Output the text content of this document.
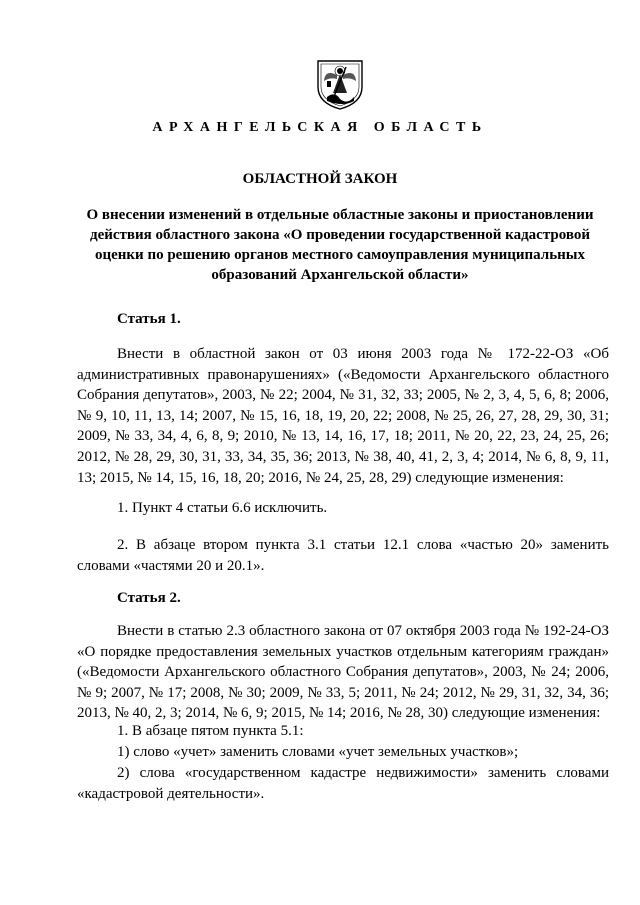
АРХАНГЕЛЬСКАЯ ОБЛАСТЬ
ОБЛАСТНОЙ ЗАКОН
О внесении изменений в отдельные областные законы и приостановлении
действия областного закона «О проведении государственной кадастровой
оценки по решению органов местного самоуправления муниципальных
образований Архангельской области»
Статья 1.
Внести в областной закон от 03 июня 2003 года № 172-22-ОЗ «Об административных правонарушениях» («Ведомости Архангельского областного Собрания депутатов», 2003, № 22; 2004, № 31, 32, 33; 2005, № 2, 3, 4, 5, 6, 8; 2006, № 9, 10, 11, 13, 14; 2007, № 15, 16, 18, 19, 20, 22; 2008, № 25, 26, 27, 28, 29, 30, 31; 2009, № 33, 34, 4, 6, 8, 9; 2010, № 13, 14, 16, 17, 18; 2011, № 20, 22, 23, 24, 25, 26; 2012, № 28, 29, 30, 31, 33, 34, 35, 36; 2013, № 38, 40, 41, 2, 3, 4; 2014, № 6, 8, 9, 11, 13; 2015, № 14, 15, 16, 18, 20; 2016, № 24, 25, 28, 29) следующие изменения:
1. Пункт 4 статьи 6.6 исключить.
2. В абзаце втором пункта 3.1 статьи 12.1 слова «частью 20» заменить словами «частями 20 и 20.1».
Статья 2.
Внести в статью 2.3 областного закона от 07 октября 2003 года № 192-24-ОЗ «О порядке предоставления земельных участков отдельным категориям граждан» («Ведомости Архангельского областного Собрания депутатов», 2003, № 24; 2006, № 9; 2007, № 17; 2008, № 30; 2009, № 33, 5; 2011, № 24; 2012, № 29, 31, 32, 34, 36; 2013, № 40, 2, 3; 2014, № 6, 9; 2015, № 14; 2016, № 28, 30) следующие изменения:
1. В абзаце пятом пункта 5.1:
1) слово «учет» заменить словами «учет земельных участков»;
2) слова «государственном кадастре недвижимости» заменить словами «кадастровой деятельности».
